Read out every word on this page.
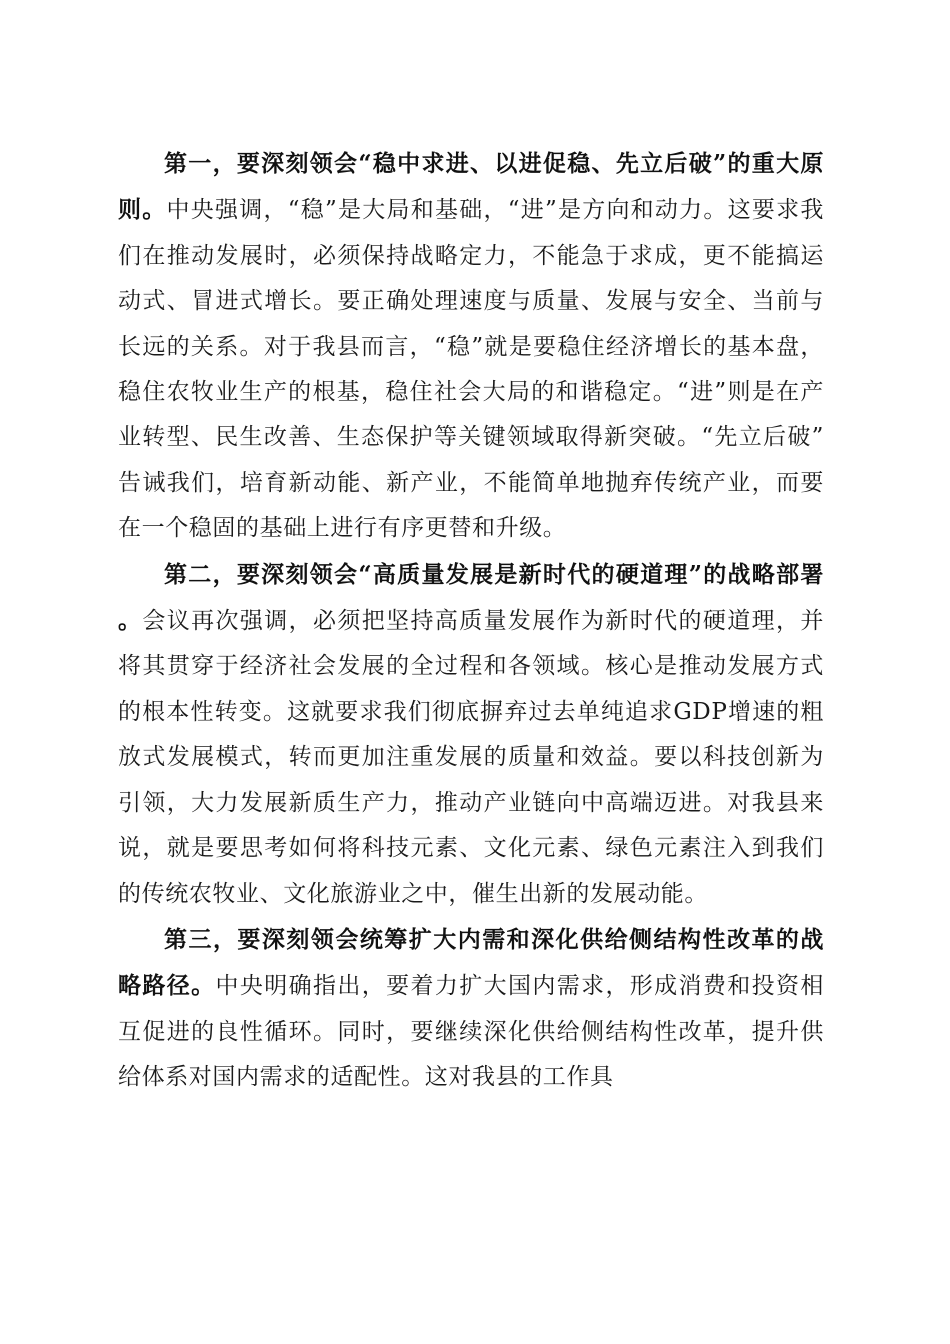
第一，要深刻领会“稳中求进、以进促稳、先立后破”的重大原则。中央强调，“稳”是大局和基础，“进”是方向和动力。这要求我们在推动发展时，必须保持战略定力，不能急于求成，更不能搞运动式、冒进式增长。要正确处理速度与质量、发展与安全、当前与长远的关系。对于我县而言，“稳”就是要稳住经济增长的基本盘，稳住农牧业生产的根基，稳住社会大局的和谐稳定。“进”则是在产业转型、民生改善、生态保护等关键领域取得新突破。“先立后破”告诫我们，培育新动能、新产业，不能简单地抛弃传统产业，而要在一个稳固的基础上进行有序更替和升级。

第二，要深刻领会“高质量发展是新时代的硬道理”的战略部署。会议再次强调，必须把坚持高质量发展作为新时代的硬道理，并将其贯穿于经济社会发展的全过程和各领域。核心是推动发展方式的根本性转变。这就要求我们彻底摒弃过去单纯追求GDP增速的粗放式发展模式，转而更加注重发展的质量和效益。要以科技创新为引领，大力发展新质生产力，推动产业链向中高端迈进。对我县来说，就是要思考如何将科技元素、文化元素、绿色元素注入到我们的传统农牧业、文化旅游业之中，催生出新的发展动能。

第三，要深刻领会统筹扩大内需和深化供给侧结构性改革的战略路径。中央明确指出，要着力扩大国内需求，形成消费和投资相互促进的良性循环。同时，要继续深化供给侧结构性改革，提升供给体系对国内需求的适配性。这对我县的工作具
